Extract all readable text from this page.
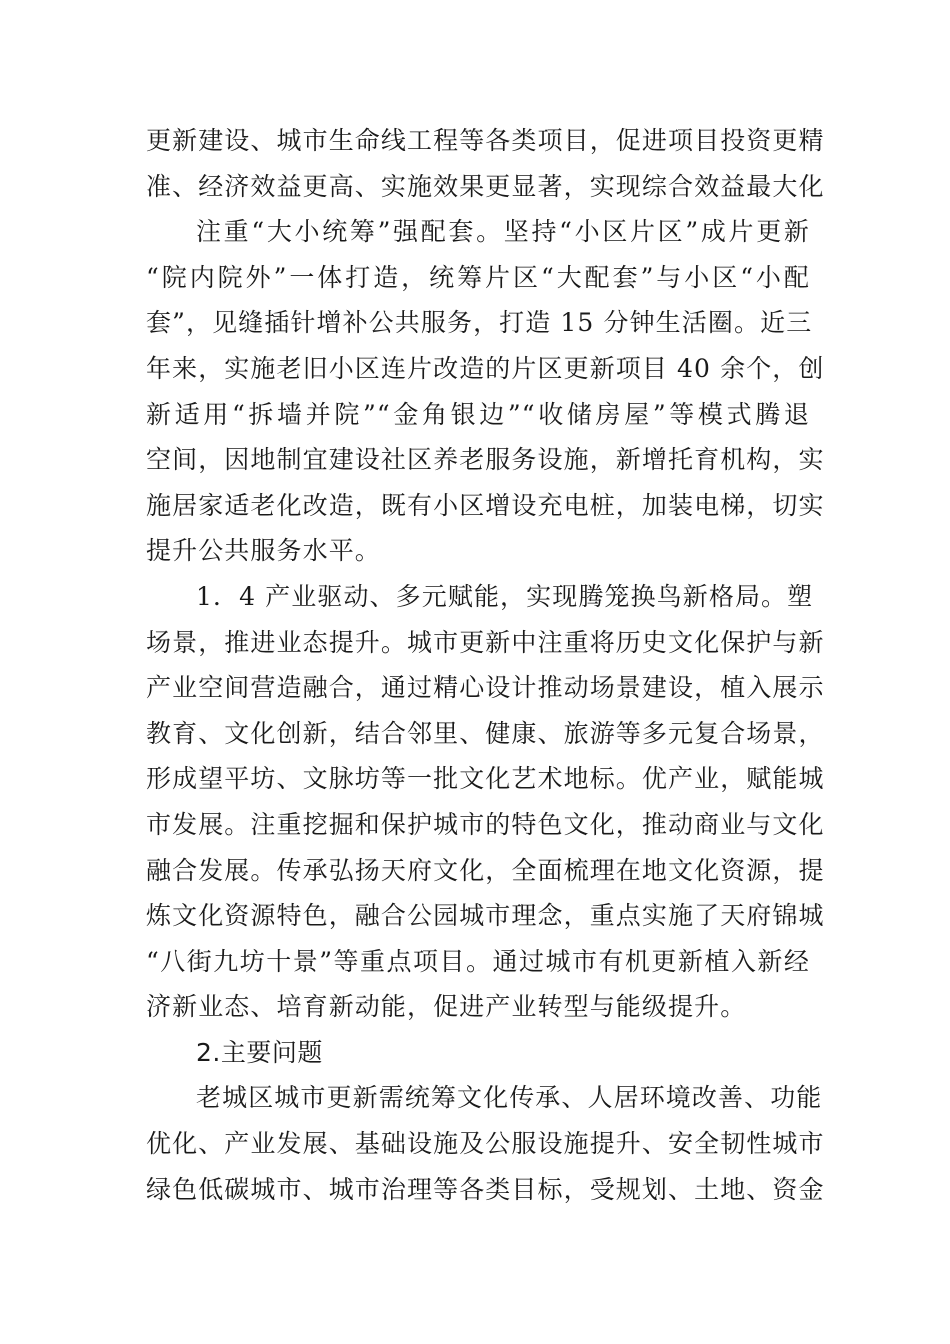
更新建设、城市生命线工程等各类项目，促进项目投资更精
准、经济效益更高、实施效果更显著，实现综合效益最大化
注重“大小统筹”强配套。坚持“小区片区”成片更新
“院内院外”一体打造，统筹片区“大配套”与小区“小配
套”，见缝插针增补公共服务，打造 15 分钟生活圈。近三
年来，实施老旧小区连片改造的片区更新项目 40 余个，创
新适用“拆墙并院”“金角银边”“收储房屋”等模式腾退
空间，因地制宜建设社区养老服务设施，新增托育机构，实
施居家适老化改造，既有小区增设充电桩，加装电梯，切实
提升公共服务水平。
1．4 产业驱动、多元赋能，实现腾笼换鸟新格局。塑
场景，推进业态提升。城市更新中注重将历史文化保护与新
产业空间营造融合，通过精心设计推动场景建设，植入展示
教育、文化创新，结合邻里、健康、旅游等多元复合场景，
形成望平坊、文脉坊等一批文化艺术地标。优产业，赋能城
市发展。注重挖掘和保护城市的特色文化，推动商业与文化
融合发展。传承弘扬天府文化，全面梳理在地文化资源，提
炼文化资源特色，融合公园城市理念，重点实施了天府锦城
“八街九坊十景”等重点项目。通过城市有机更新植入新经
济新业态、培育新动能，促进产业转型与能级提升。
2.主要问题
老城区城市更新需统筹文化传承、人居环境改善、功能
优化、产业发展、基础设施及公服设施提升、安全韧性城市
绿色低碳城市、城市治理等各类目标，受规划、土地、资金
